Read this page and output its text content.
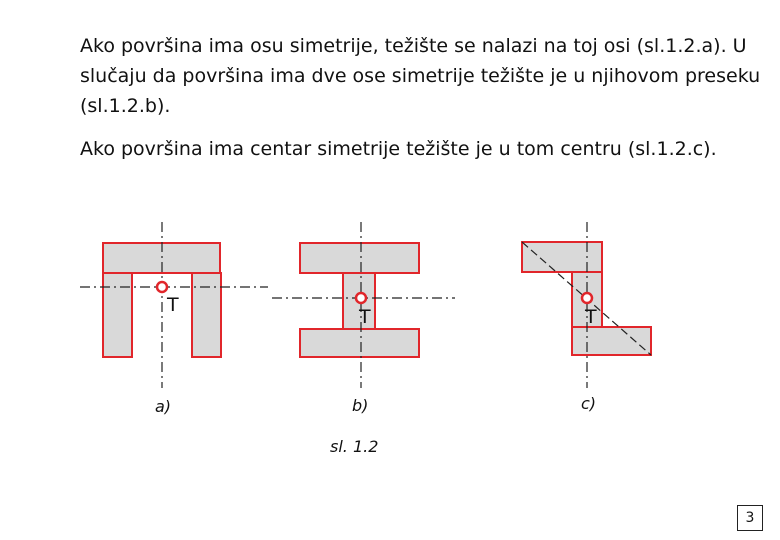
Ako površina ima osu simetrije, težište se nalazi na toj osi (sl.1.2.a). U slučaju da površina ima dve ose simetrije težište je u njihovom preseku (sl.1.2.b).

Ako površina ima centar simetrije težište je u tom centru (sl.1.2.c).

T
T	T
a)	b)	c)
sl. 1.2
3
